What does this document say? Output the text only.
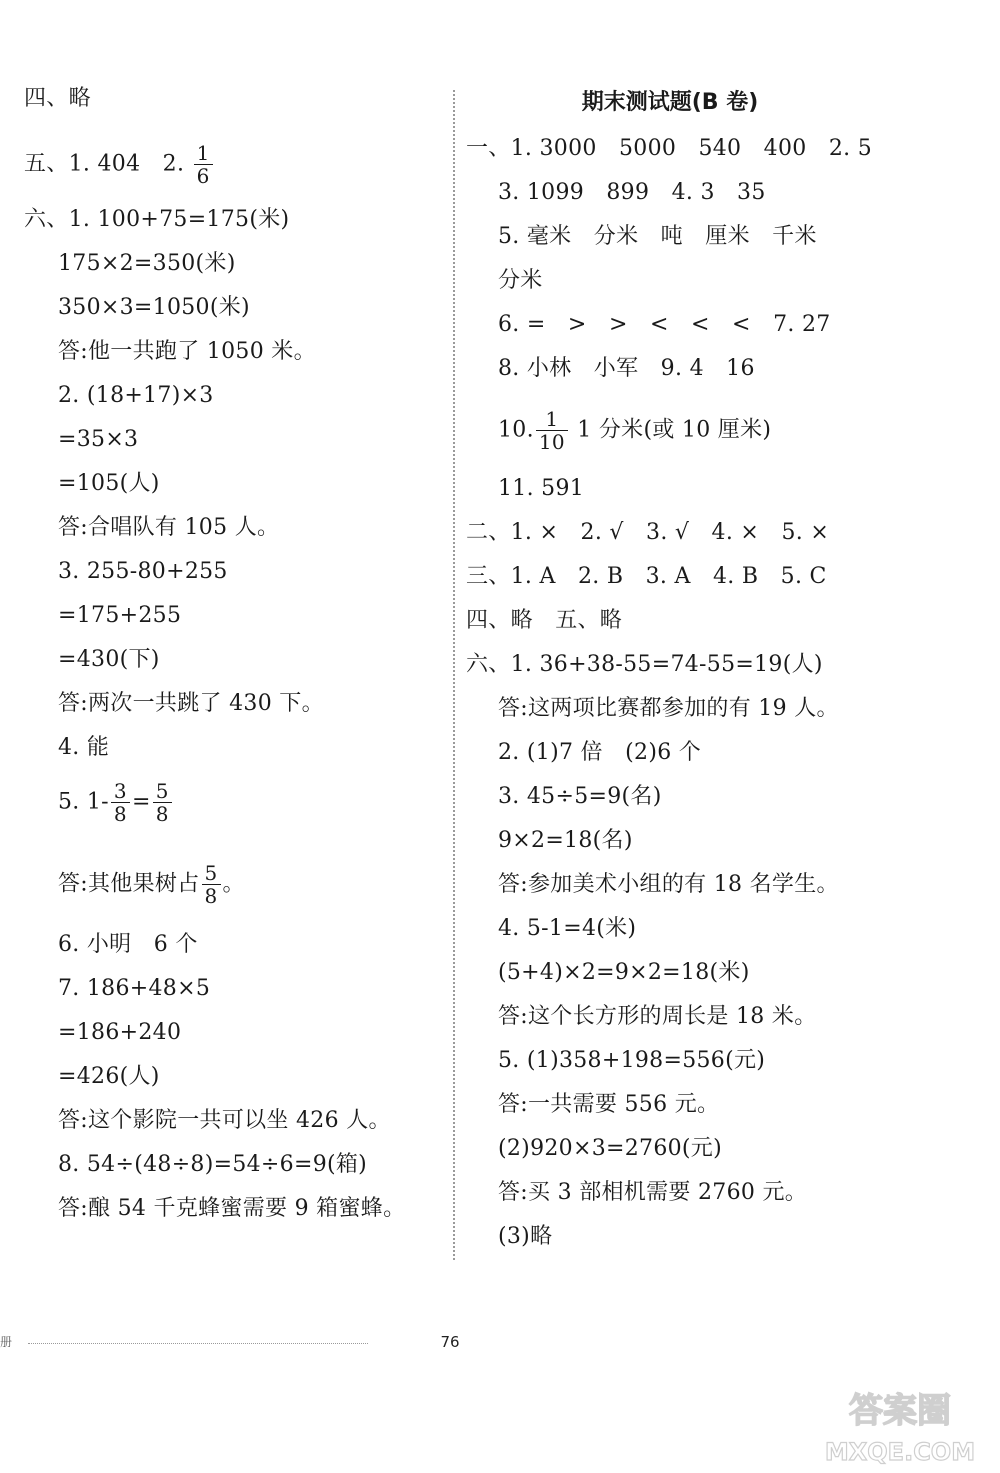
四、略
五、1. 404　2. $\frac{1}{6}$
六、1. 100+75=175(米)
175×2=350(米)
350×3=1050(米)
答:他一共跑了 1050 米。
2. (18+17)×3
=35×3
=105(人)
答:合唱队有 105 人。
3. 255-80+255
=175+255
=430(下)
答:两次一共跳了 430 下。
4. 能
5. $1- \frac{3}{8} = \frac{5}{8}$
答:其他果树占 $\frac{5}{8}$ 。
6. 小明　6 个
7. 186+48×5
=186+240
=426(人)
答:这个影院一共可以坐 426 人。
8. 54÷(48÷8)=54÷6=9(箱)
答:酿 54 千克蜂蜜需要 9 箱蜜蜂。
期末测试题(B 卷)
一、1. 3000　5000　540　400　2. 5
3. 1099　899　4. 3　35
5. 毫米　分米　吨　厘米　千米
分米
6. =　>　>　<　<　<　7. 27
8. 小林　小军　9. 4　16
10. $\frac{1}{10} 1$ 分米(或 10 厘米)
11. 591
二、1. ×　2. √　3. √　4. ×　5. ×
三、1. A　2. B　3. A　4. B　5. C
四、略　五、略
六、1. 36+38-55=74-55=19(人)
答:这两项比赛都参加的有 19 人。
2. (1)7 倍　(2)6 个
3. 45÷5=9(名)
9×2=18(名)
答:参加美术小组的有 18 名学生。
4. 5-1=4(米)
(5+4)×2=9×2=18(米)
答:这个长方形的周长是 18 米。
5. (1)358+198=556(元)
答:一共需要 556 元。
(2)920×3=2760(元)
答:买 3 部相机需要 2760 元。
(3)略
册	76
答案圈
MXQE.COM
